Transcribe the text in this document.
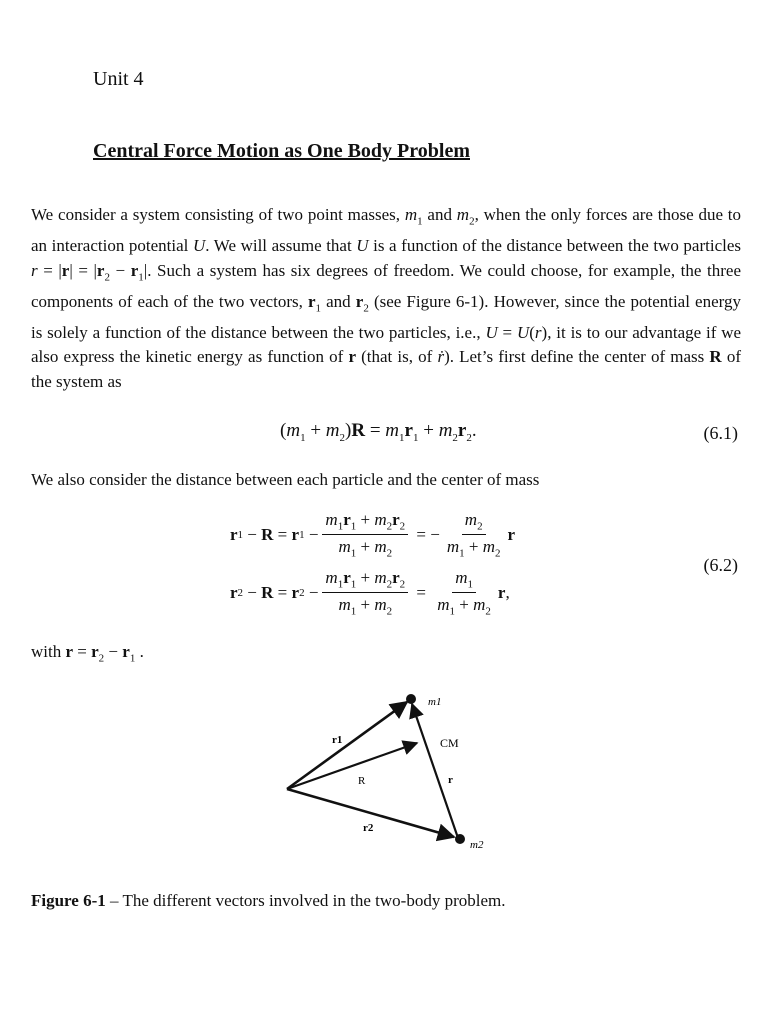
Unit 4
Central Force Motion as One Body Problem
We consider a system consisting of two point masses, $m_1$ and $m_2$, when the only forces are those due to an interaction potential U. We will assume that U is a function of the distance between the two particles $r = |r| = |r_2 - r_1|$. Such a system has six degrees of freedom. We could choose, for example, the three components of each of the two vectors, $r_1$ and $r_2$ (see Figure 6-1). However, since the potential energy is solely a function of the distance between the two particles, i.e., U = U(r), it is to our advantage if we also express the kinetic energy as function of r (that is, of ṙ). Let’s first define the center of mass R of the system as
$(m_1 + m_2)R = m_1r_1 + m_2r_2$.	(6.1)
We also consider the distance between each particle and the center of mass
r 1 − R = r $1 - \frac{m_1r_1 + m_2r_2}{m_1 + m_2}$ = − $\frac{m_2}{m_1 + m_2}$ r
r 2 − R = r $2 - \frac{m_1r_1 + m_2r_2}{m_1 + m_2} = \frac{m_1}{m_1 + m_2}$ r ,
(6.2)
with $r = r_2 - r_1$ .
m1
r1	CM
R	r
r2
m2
Figure 6-1 – The different vectors involved in the two-body problem.
